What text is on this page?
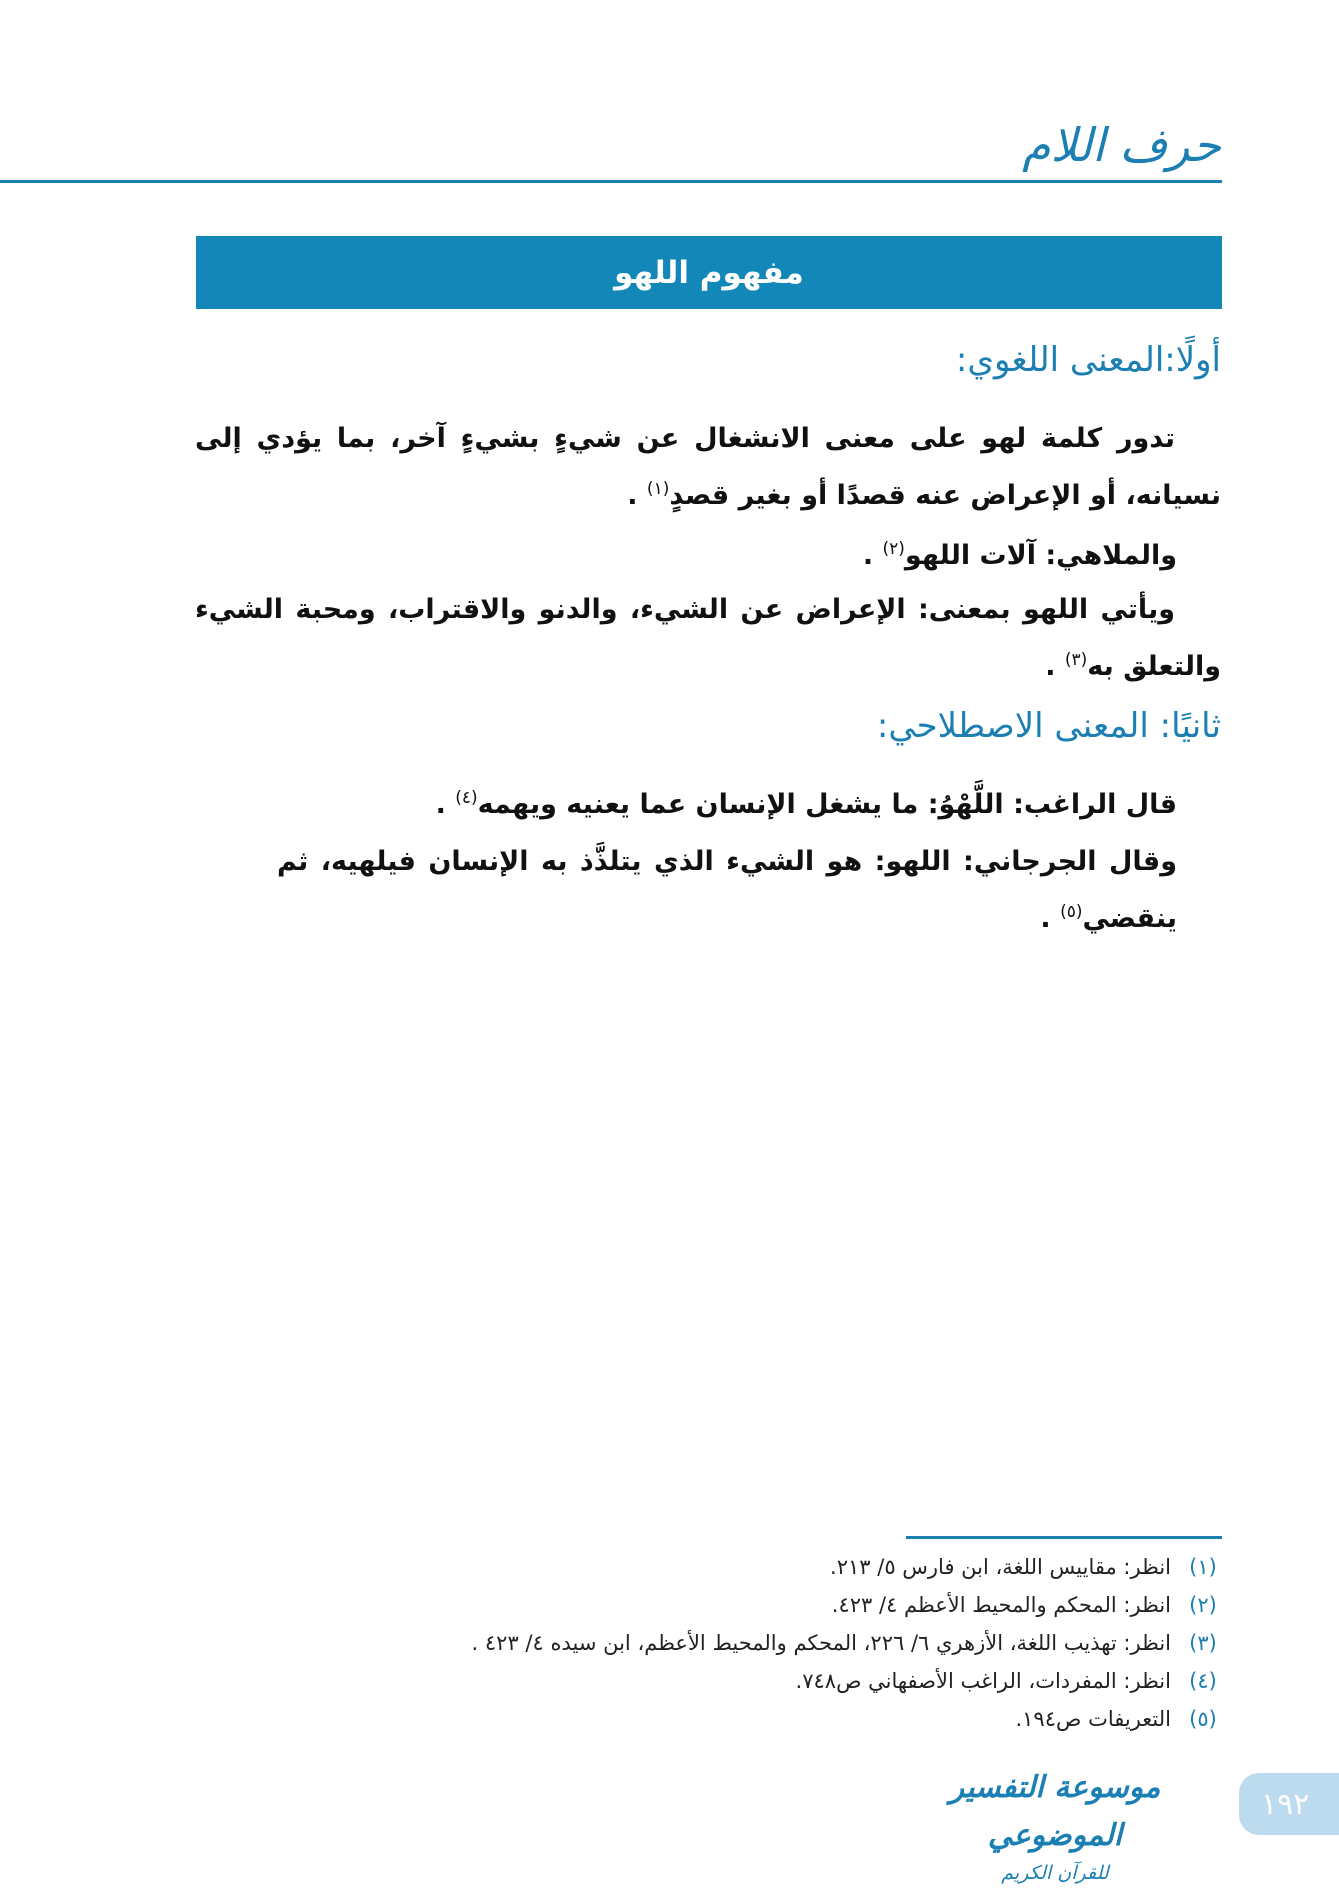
حرف اللام
مفهوم اللهو
أولًا:المعنى اللغوي:

تدور كلمة لهو على معنى الانشغال عن شيءٍ بشيءٍ آخر، بما يؤدي إلى نسيانه، أو الإعراض عنه قصدًا أو بغير قصدٍ$^{(١)}$ .

والملاهي: آلات اللهو$^{(٢)}$ .

ويأتي اللهو بمعنى: الإعراض عن الشيء، والدنو والاقتراب، ومحبة الشيء والتعلق به$^{(٣)}$ .

ثانيًا: المعنى الاصطلاحي:

قال الراغب: اللَّهْوُ: ما يشغل الإنسان عما يعنيه ويهمه$^{(٤)}$ .

وقال الجرجاني: اللهو: هو الشيء الذي يتلذَّذ به الإنسان فيلهيه، ثم ينقضي$^{(٥)}$ .

(١)
انظر: مقاييس اللغة، ابن فارس ٥/ ٢١٣.
(٢)
انظر: المحكم والمحيط الأعظم ٤/ ٤٢٣.
(٣)
انظر: تهذيب اللغة، الأزهري ٦/ ٢٢٦، المحكم والمحيط الأعظم، ابن سيده ٤/ ٤٢٣ .
(٤)
انظر: المفردات، الراغب الأصفهاني ص٧٤٨.
(٥)
التعريفات ص١٩٤.
موسوعة التفسير الموضوعي
للقرآن الكريم
١٩٢
